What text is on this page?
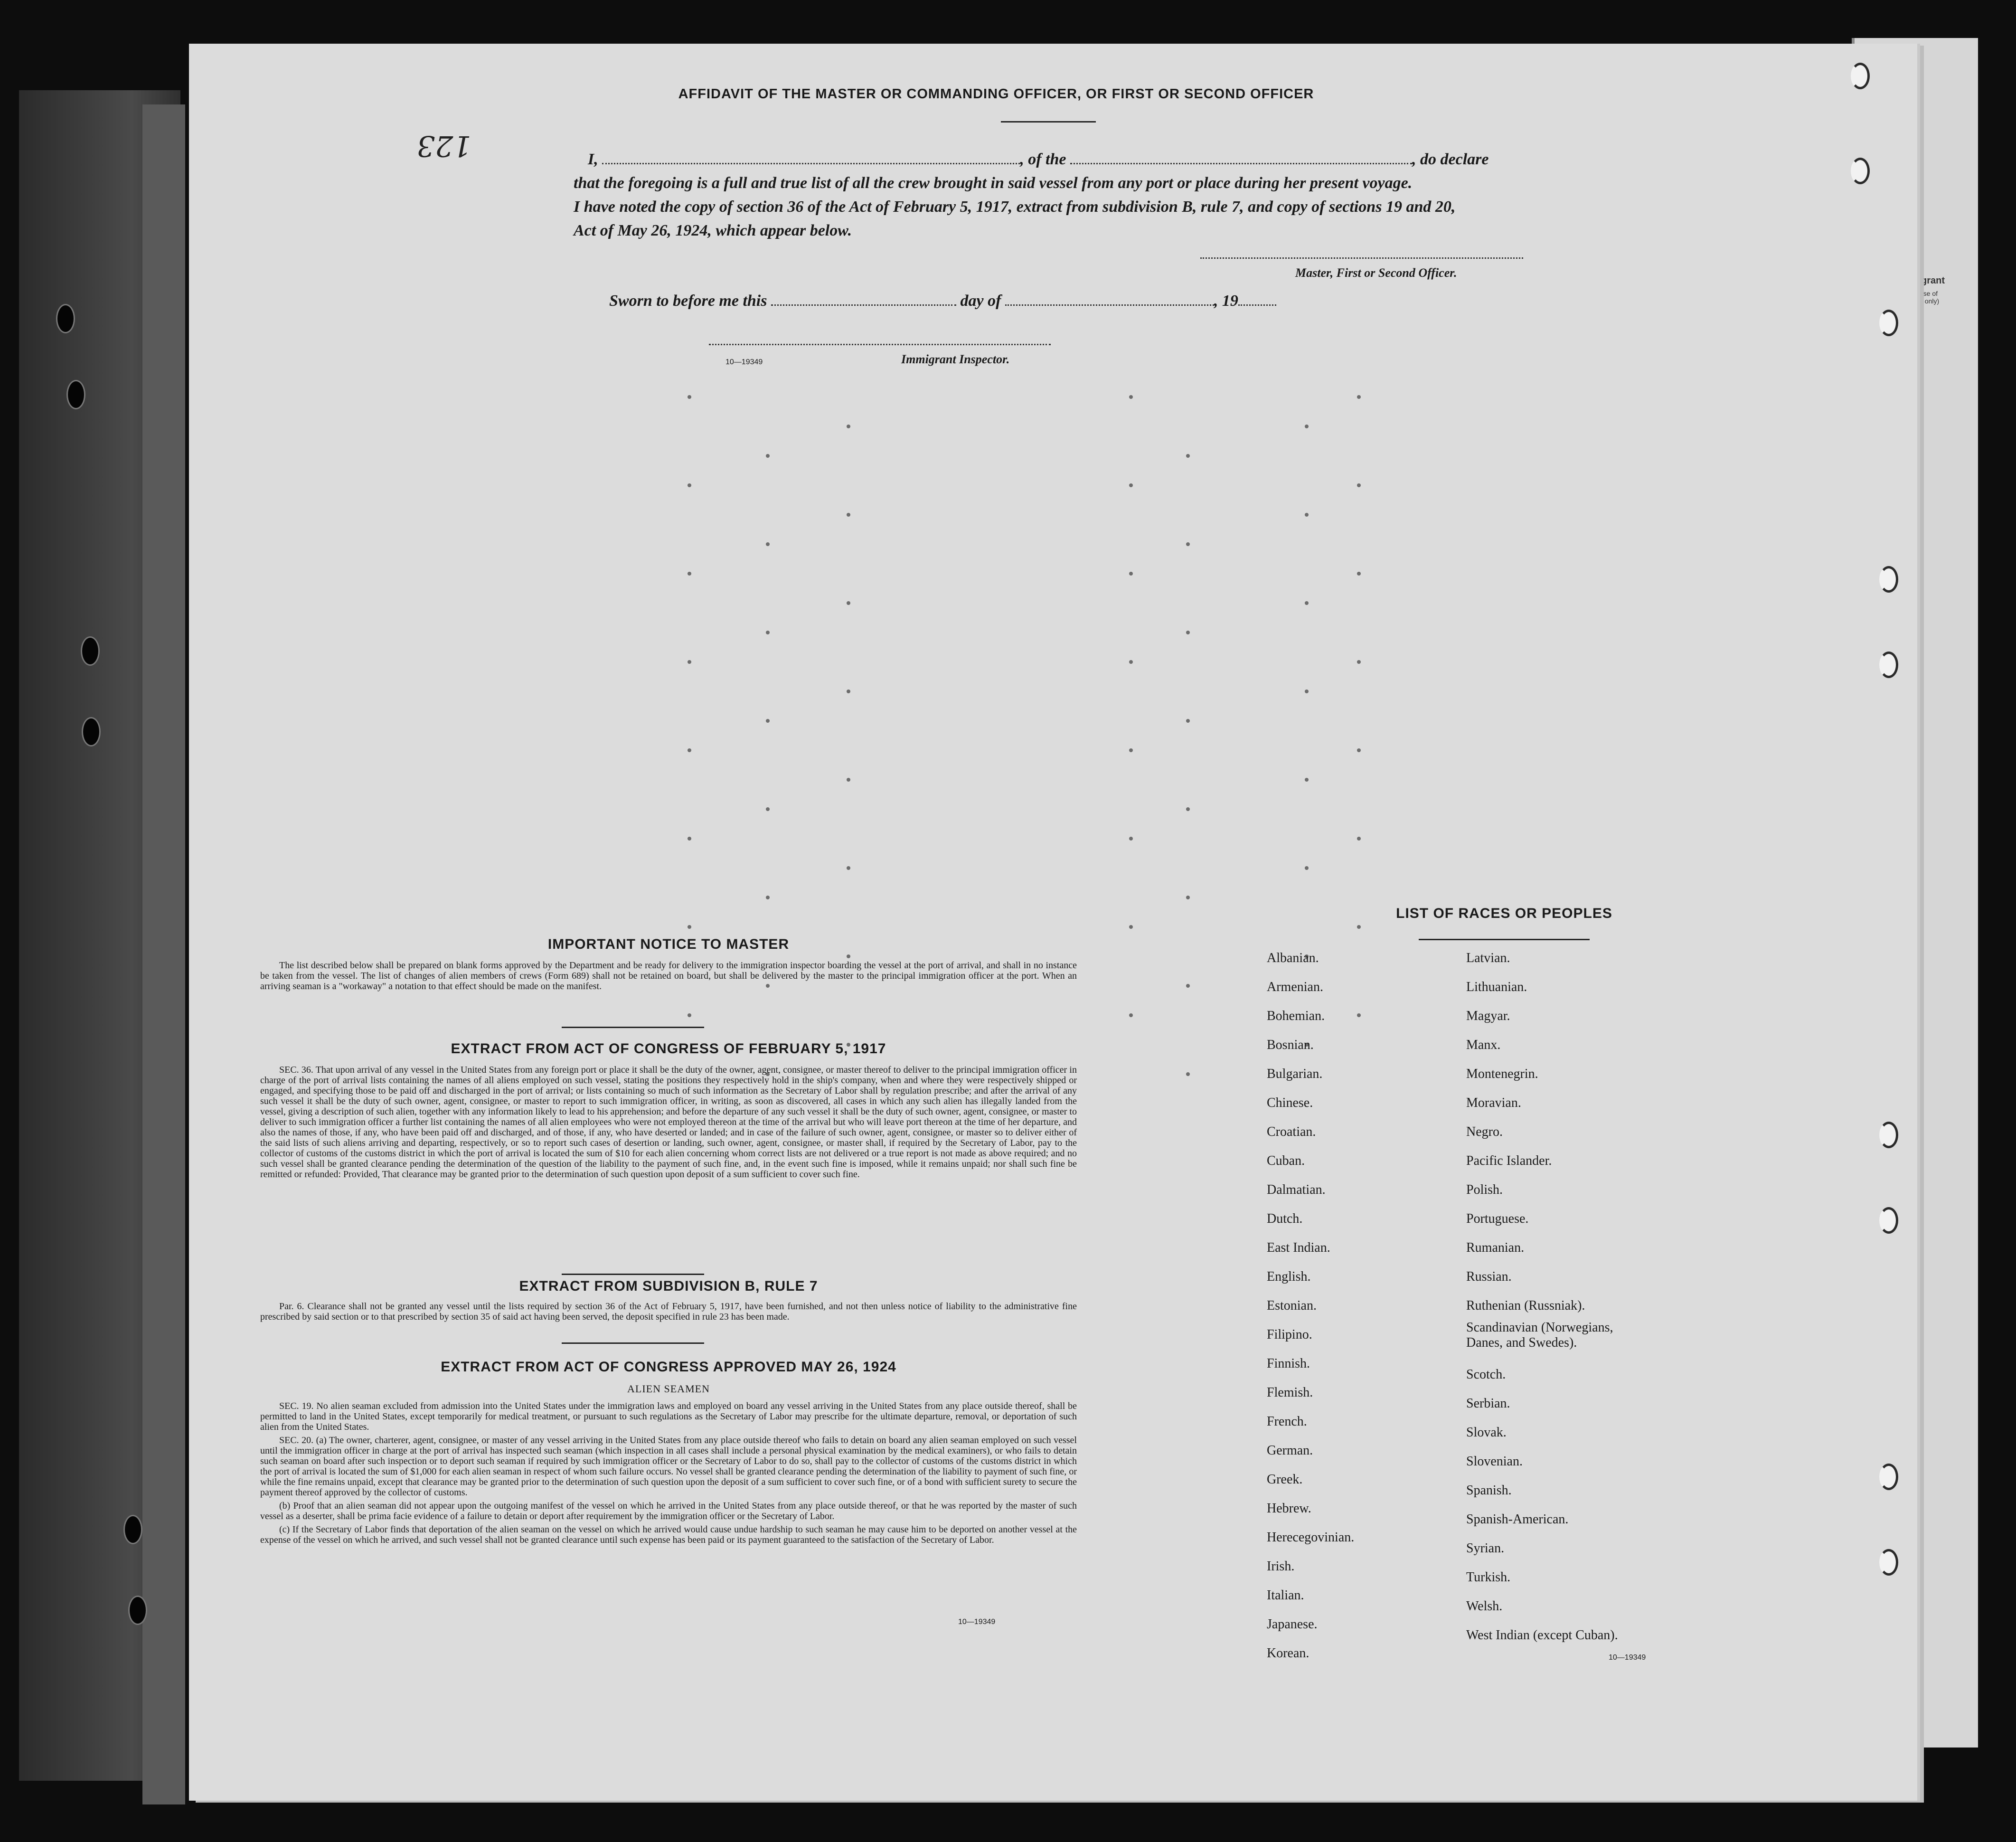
grant
(se of
t only)
123
AFFIDAVIT OF THE MASTER OR COMMANDING OFFICER, OR FIRST OR SECOND OFFICER
I,	, of the	, do declare
that the foregoing is a full and true list of all the crew brought in said vessel from any port or place during her present voyage.
I have noted the copy of section 36 of the Act of February 5, 1917, extract from subdivision B, rule 7, and copy of sections 19 and 20,
Act of May 26, 1924, which appear below.
Master, First or Second Officer.
Sworn to before me this	day of	, 19
10—19349	Immigrant Inspector.
IMPORTANT NOTICE TO MASTER

The list described below shall be prepared on blank forms approved by the Department and be ready for delivery to the immigration inspector boarding the vessel at the port of arrival, and shall in no instance be taken from the vessel. The list of changes of alien members of crews (Form 689) shall not be retained on board, but shall be delivered by the master to the principal immigration officer at the port. When an arriving seaman is a "workaway" a notation to that effect should be made on the manifest.

EXTRACT FROM ACT OF CONGRESS OF FEBRUARY 5, 1917

SEC. 36. That upon arrival of any vessel in the United States from any foreign port or place it shall be the duty of the owner, agent, consignee, or master thereof to deliver to the principal immigration officer in charge of the port of arrival lists containing the names of all aliens employed on such vessel, stating the positions they respectively hold in the ship's company, when and where they were respectively shipped or engaged, and specifying those to be paid off and discharged in the port of arrival; or lists containing so much of such information as the Secretary of Labor shall by regulation prescribe; and after the arrival of any such vessel it shall be the duty of such owner, agent, consignee, or master to report to such immigration officer, in writing, as soon as discovered, all cases in which any such alien has illegally landed from the vessel, giving a description of such alien, together with any information likely to lead to his apprehension; and before the departure of any such vessel it shall be the duty of such owner, agent, consignee, or master to deliver to such immigration officer a further list containing the names of all alien employees who were not employed thereon at the time of the arrival but who will leave port thereon at the time of her departure, and also the names of those, if any, who have been paid off and discharged, and of those, if any, who have deserted or landed; and in case of the failure of such owner, agent, consignee, or master so to deliver either of the said lists of such aliens arriving and departing, respectively, or so to report such cases of desertion or landing, such owner, agent, consignee, or master shall, if required by the Secretary of Labor, pay to the collector of customs of the customs district in which the port of arrival is located the sum of $10 for each alien concerning whom correct lists are not delivered or a true report is not made as above required; and no such vessel shall be granted clearance pending the determination of the question of the liability to the payment of such fine, and, in the event such fine is imposed, while it remains unpaid; nor shall such fine be remitted or refunded: Provided, That clearance may be granted prior to the determination of such question upon deposit of a sum sufficient to cover such fine.

EXTRACT FROM SUBDIVISION B, RULE 7

Par. 6. Clearance shall not be granted any vessel until the lists required by section 36 of the Act of February 5, 1917, have been furnished, and not then unless notice of liability to the administrative fine prescribed by said section or to that prescribed by section 35 of said act having been served, the deposit specified in rule 23 has been made.

EXTRACT FROM ACT OF CONGRESS APPROVED MAY 26, 1924
ALIEN SEAMEN

SEC. 19. No alien seaman excluded from admission into the United States under the immigration laws and employed on board any vessel arriving in the United States from any place outside thereof, shall be permitted to land in the United States, except temporarily for medical treatment, or pursuant to such regulations as the Secretary of Labor may prescribe for the ultimate departure, removal, or deportation of such alien from the United States.

SEC. 20. (a) The owner, charterer, agent, consignee, or master of any vessel arriving in the United States from any place outside thereof who fails to detain on board any alien seaman employed on such vessel until the immigration officer in charge at the port of arrival has inspected such seaman (which inspection in all cases shall include a personal physical examination by the medical examiners), or who fails to detain such seaman on board after such inspection or to deport such seaman if required by such immigration officer or the Secretary of Labor to do so, shall pay to the collector of customs of the customs district in which the port of arrival is located the sum of $1,000 for each alien seaman in respect of whom such failure occurs. No vessel shall be granted clearance pending the determination of the liability to payment of such fine, or while the fine remains unpaid, except that clearance may be granted prior to the determination of such question upon the deposit of a sum sufficient to cover such fine, or of a bond with sufficient surety to secure the payment thereof approved by the collector of customs.

(b) Proof that an alien seaman did not appear upon the outgoing manifest of the vessel on which he arrived in the United States from any place outside thereof, or that he was reported by the master of such vessel as a deserter, shall be prima facie evidence of a failure to detain or deport after requirement by the immigration officer or the Secretary of Labor.

(c) If the Secretary of Labor finds that deportation of the alien seaman on the vessel on which he arrived would cause undue hardship to such seaman he may cause him to be deported on another vessel at the expense of the vessel on which he arrived, and such vessel shall not be granted clearance until such expense has been paid or its payment guaranteed to the satisfaction of the Secretary of Labor.

10—19349
LIST OF RACES OR PEOPLES
Albanian.
Armenian.
Bohemian.
Bosnian.
Bulgarian.
Chinese.
Croatian.
Cuban.
Dalmatian.
Dutch.
East Indian.
English.
Estonian.
Filipino.
Finnish.
Flemish.
French.
German.
Greek.
Hebrew.
Herecegovinian.
Irish.
Italian.
Japanese.
Korean.
Latvian.
Lithuanian.
Magyar.
Manx.
Montenegrin.
Moravian.
Negro.
Pacific Islander.
Polish.
Portuguese.
Rumanian.
Russian.
Ruthenian (Russniak).
Scandinavian (Norwegians, Danes, and Swedes).
Scotch.
Serbian.
Slovak.
Slovenian.
Spanish.
Spanish-American.
Syrian.
Turkish.
Welsh.
West Indian (except Cuban).
10—19349
